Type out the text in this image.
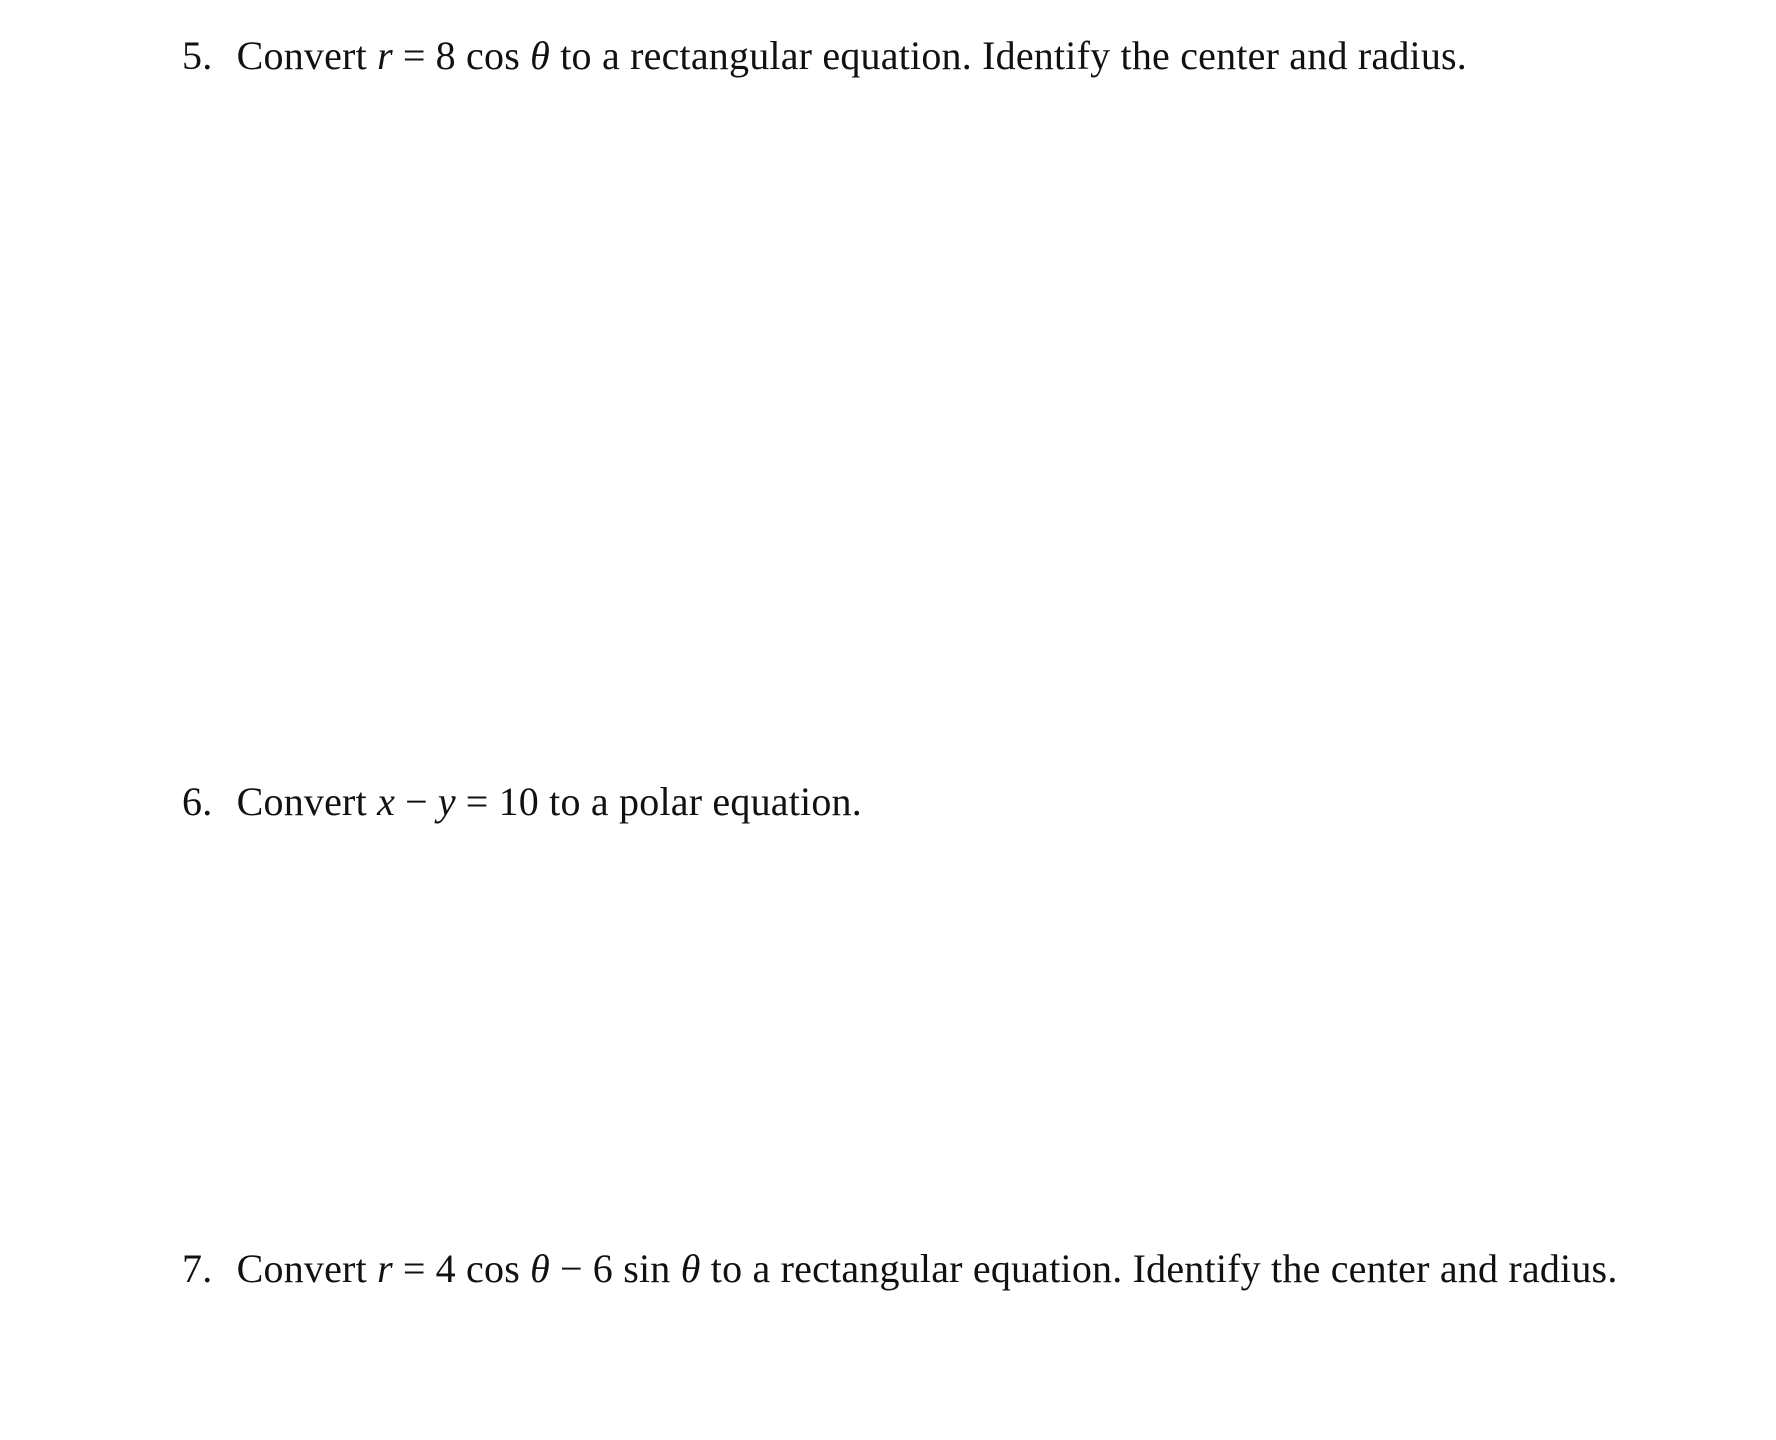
5. Convert r = 8 cos θ to a rectangular equation. Identify the center and radius.

6. Convert x − y = 10 to a polar equation.

7. Convert r = 4 cos θ − 6 sin θ to a rectangular equation. Identify the center and radius.
